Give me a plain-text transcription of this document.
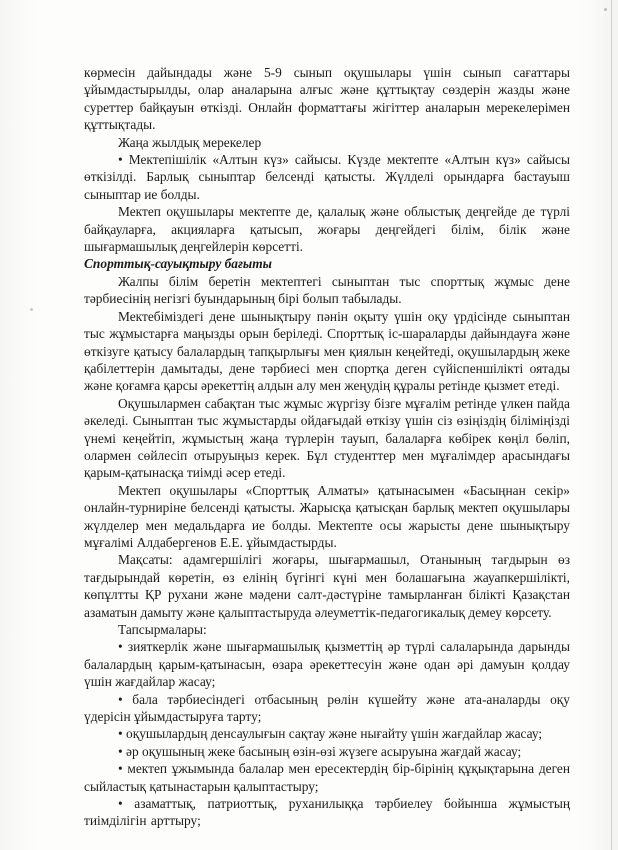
көрмесін дайындады және 5-9 сынып оқушылары үшін сынып сағаттары ұйымдастырылды, олар аналарына алғыс және құттықтау сөздерін жазды және суреттер байқауын өткізді. Онлайн форматтағы жігіттер аналарын мерекелерімен құттықтады.

Жаңа жылдық мерекелер

• Мектепішілік «Алтын күз» сайысы. Күзде мектепте «Алтын күз» сайысы өткізілді. Барлық сыныптар белсенді қатысты. Жүлделі орындарға бастауыш сыныптар ие болды.

Мектеп оқушылары мектепте де, қалалық және облыстық деңгейде де түрлі байқауларға, акцияларға қатысып, жоғары деңгейдегі білім, білік және шығармашылық деңгейлерін көрсетті.

Спорттық-сауықтыру бағыты

Жалпы білім беретін мектептегі сыныптан тыс спорттық жұмыс дене тәрбиесінің негізгі буындарының бірі болып табылады.

Мектебіміздегі дене шынықтыру пәнін оқыту үшін оқу үрдісінде сыныптан тыс жұмыстарға маңызды орын беріледі. Спорттық іс-шараларды дайындауға және өткізуге қатысу балалардың тапқырлығы мен қиялын кеңейтеді, оқушылардың жеке қабілеттерін дамытады, дене тәрбиесі мен спортқа деген сүйіспеншілікті оятады және қоғамға қарсы әрекеттің алдын алу мен жеңудің құралы ретінде қызмет етеді.

Оқушылармен сабақтан тыс жұмыс жүргізу бізге мұғалім ретінде үлкен пайда әкеледі. Сыныптан тыс жұмыстарды ойдағыдай өткізу үшін сіз өзіңіздің біліміңізді үнемі кеңейтіп, жұмыстың жаңа түрлерін тауып, балаларға көбірек көңіл бөліп, олармен сөйлесіп отыруыңыз керек. Бұл студенттер мен мұғалімдер арасындағы қарым-қатынасқа тиімді әсер етеді.

Мектеп оқушылары «Спорттық Алматы» қатынасымен «Басыңнан секір» онлайн-турниріне белсенді қатысты. Жарысқа қатысқан барлық мектеп оқушылары жүлделер мен медальдарға ие болды. Мектепте осы жарысты дене шынықтыру мұғалімі Алдабергенов Е.Е. ұйымдастырды.

Мақсаты: адамгершілігі жоғары, шығармашыл, Отанының тағдырын өз тағдырындай көретін, өз елінің бүгінгі күні мен болашағына жауапкершілікті, көпұлтты ҚР рухани және мәдени салт-дәстүріне тамырланған білікті Қазақстан азаматын дамыту және қалыптастыруда әлеуметтік-педагогикалық демеу көрсету.

Тапсырмалары:

• зияткерлік және шығармашылық қызметтің әр түрлі салаларында дарынды балалардың қарым-қатынасын, өзара әрекеттесуін және одан әрі дамуын қолдау үшін жағдайлар жасау;

• бала тәрбиесіндегі отбасының рөлін күшейту және ата-аналарды оқу үдерісін ұйымдастыруға тарту;

• оқушылардың денсаулығын сақтау және нығайту үшін жағдайлар жасау;

• әр оқушының жеке басының өзін-өзі жүзеге асыруына жағдай жасау;

• мектеп ұжымында балалар мен ересектердің бір-бірінің құқықтарына деген сыйластық қатынастарын қалыптастыру;

• азаматтық, патриоттық, руханилыққа тәрбиелеу бойынша жұмыстың тиімділігін арттыру;
